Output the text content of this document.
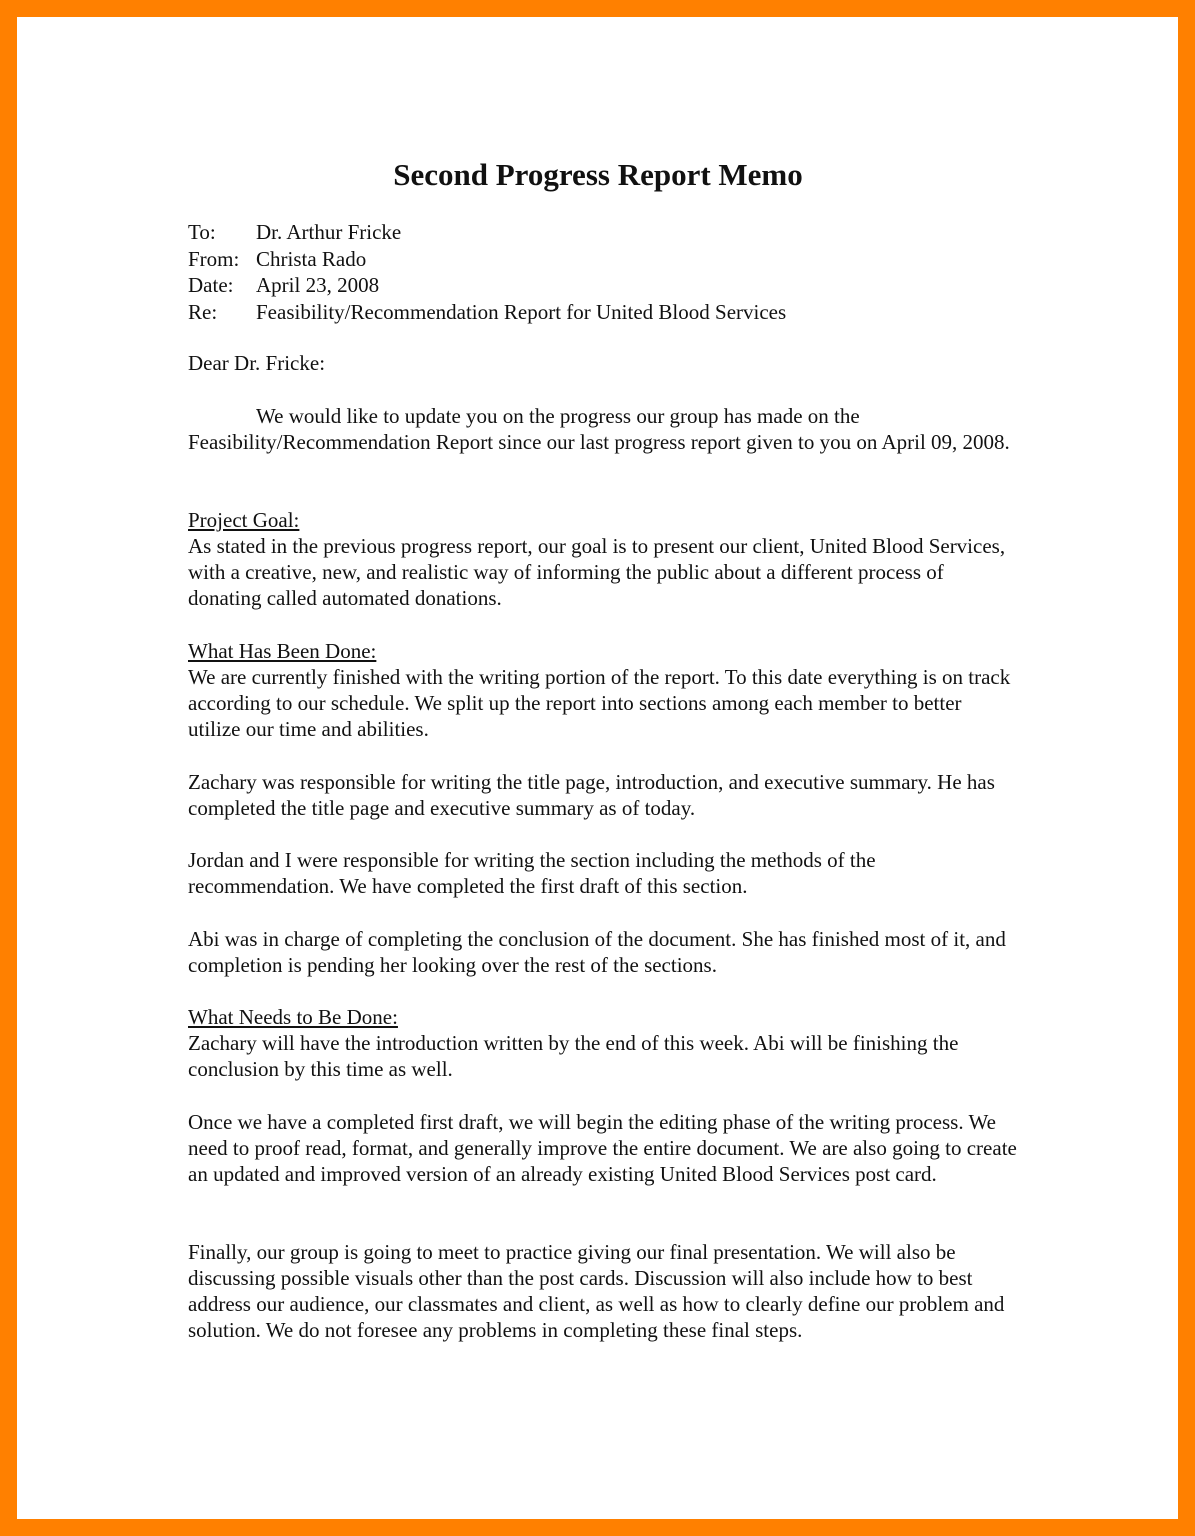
Second Progress Report Memo
To:	Dr. Arthur Fricke
From: Christa Rado
Date:	April 23, 2008
Re:	Feasibility/Recommendation Report for United Blood Services

Dear Dr. Fricke:

We would like to update you on the progress our group has made on the Feasibility/Recommendation Report since our last progress report given to you on April 09, 2008.

Project Goal:
As stated in the previous progress report, our goal is to present our client, United Blood Services, with a creative, new, and realistic way of informing the public about a different process of donating called automated donations.
What Has Been Done:
We are currently finished with the writing portion of the report. To this date everything is on track according to our schedule. We split up the report into sections among each member to better utilize our time and abilities.

Zachary was responsible for writing the title page, introduction, and executive summary. He has completed the title page and executive summary as of today.

Jordan and I were responsible for writing the section including the methods of the recommendation. We have completed the first draft of this section.

Abi was in charge of completing the conclusion of the document. She has finished most of it, and completion is pending her looking over the rest of the sections.

What Needs to Be Done:
Zachary will have the introduction written by the end of this week. Abi will be finishing the conclusion by this time as well.

Once we have a completed first draft, we will begin the editing phase of the writing process. We need to proof read, format, and generally improve the entire document. We are also going to create an updated and improved version of an already existing United Blood Services post card.

Finally, our group is going to meet to practice giving our final presentation. We will also be discussing possible visuals other than the post cards. Discussion will also include how to best address our audience, our classmates and client, as well as how to clearly define our problem and solution. We do not foresee any problems in completing these final steps.
